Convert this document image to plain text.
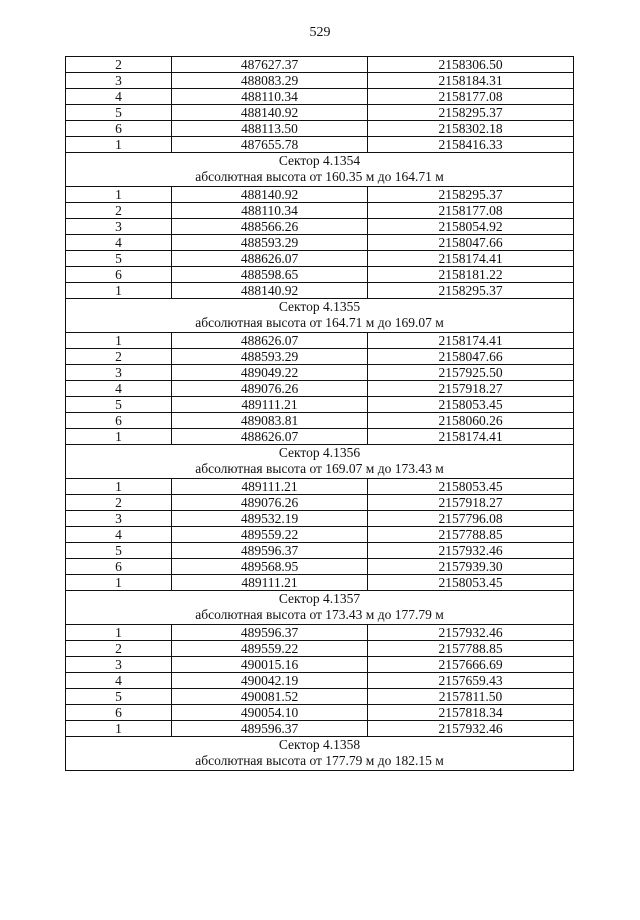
529
2	487627.37	2158306.50
3	488083.29	2158184.31
4	488110.34	2158177.08
5	488140.92	2158295.37
6	488113.50	2158302.18
1	487655.78	2158416.33

Сектор 4.1354
абсолютная высота от 160.35 м до 164.71 м		

1	488140.92	2158295.37
2	488110.34	2158177.08
3	488566.26	2158054.92
4	488593.29	2158047.66
5	488626.07	2158174.41
6	488598.65	2158181.22
1	488140.92	2158295.37

Сектор 4.1355
абсолютная высота от 164.71 м до 169.07 м		

1	488626.07	2158174.41
2	488593.29	2158047.66
3	489049.22	2157925.50
4	489076.26	2157918.27
5	489111.21	2158053.45
6	489083.81	2158060.26
1	488626.07	2158174.41

Сектор 4.1356
абсолютная высота от 169.07 м до 173.43 м		

1	489111.21	2158053.45
2	489076.26	2157918.27
3	489532.19	2157796.08
4	489559.22	2157788.85
5	489596.37	2157932.46
6	489568.95	2157939.30
1	489111.21	2158053.45

Сектор 4.1357
абсолютная высота от 173.43 м до 177.79 м		

1	489596.37	2157932.46
2	489559.22	2157788.85
3	490015.16	2157666.69
4	490042.19	2157659.43
5	490081.52	2157811.50
6	490054.10	2157818.34
1	489596.37	2157932.46

Сектор 4.1358
абсолютная высота от 177.79 м до 182.15 м		
